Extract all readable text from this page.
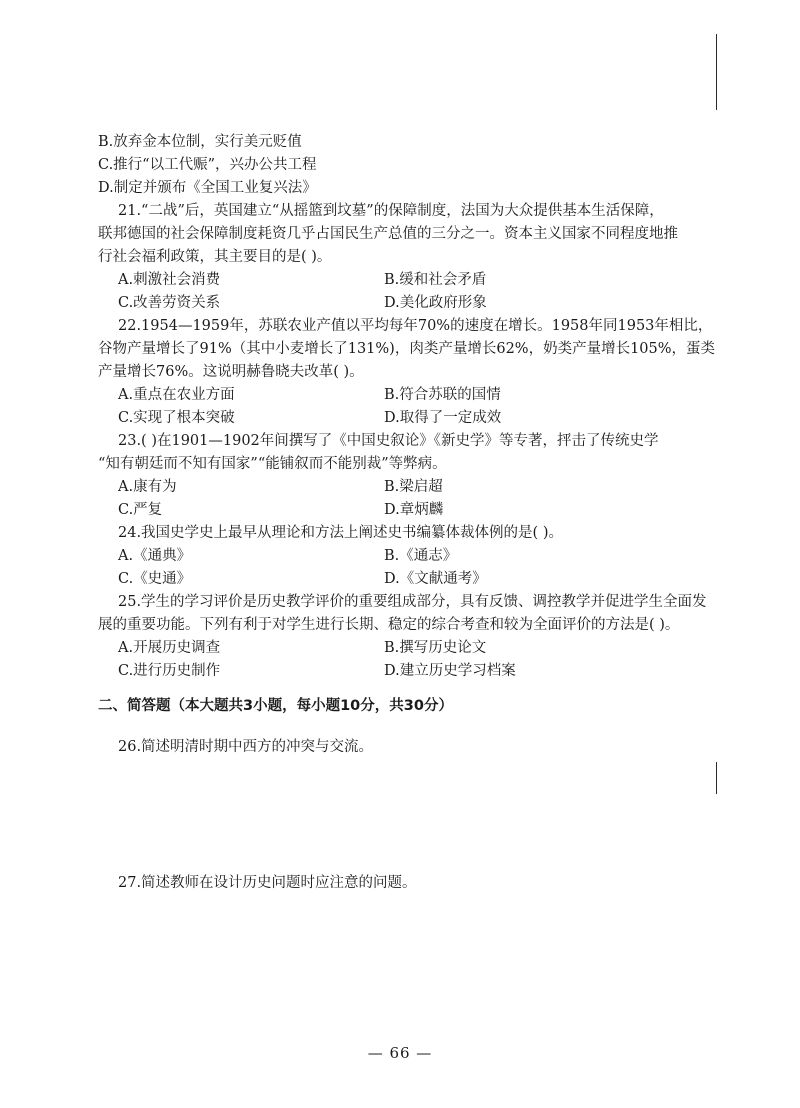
B.放弃金本位制，实行美元贬值
C.推行“以工代赈”，兴办公共工程
D.制定并颁布《全国工业复兴法》
21.“二战”后，英国建立“从摇篮到坟墓”的保障制度，法国为大众提供基本生活保障，
联邦德国的社会保障制度耗资几乎占国民生产总值的三分之一。资本主义国家不同程度地推
行社会福利政策，其主要目的是( )。
A.刺激社会消费	B.缓和社会矛盾
C.改善劳资关系	D.美化政府形象
22.1954—1959年，苏联农业产值以平均每年70%的速度在增长。1958年同1953年相比，
谷物产量增长了91%（其中小麦增长了131%)，肉类产量增长62%，奶类产量增长105%，蛋类
产量增长76%。这说明赫鲁晓夫改革( )。
A.重点在农业方面	B.符合苏联的国情
C.实现了根本突破	D.取得了一定成效
23.( )在1901—1902年间撰写了《中国史叙论》《新史学》等专著，抨击了传统史学
“知有朝廷而不知有国家”“能铺叙而不能别裁”等弊病。
A.康有为	B.梁启超
C.严复	D.章炳麟
24.我国史学史上最早从理论和方法上阐述史书编纂体裁体例的是( )。
A.《通典》	B.《通志》
C.《史通》	D.《文献通考》
25.学生的学习评价是历史教学评价的重要组成部分，具有反馈、调控教学并促进学生全面发
展的重要功能。下列有利于对学生进行长期、稳定的综合考查和较为全面评价的方法是( )。
A.开展历史调查	B.撰写历史论文
C.进行历史制作	D.建立历史学习档案
二、简答题（本大题共3小题，每小题10分，共30分）
26.简述明清时期中西方的冲突与交流。
27.简述教师在设计历史问题时应注意的问题。
— 66 —
